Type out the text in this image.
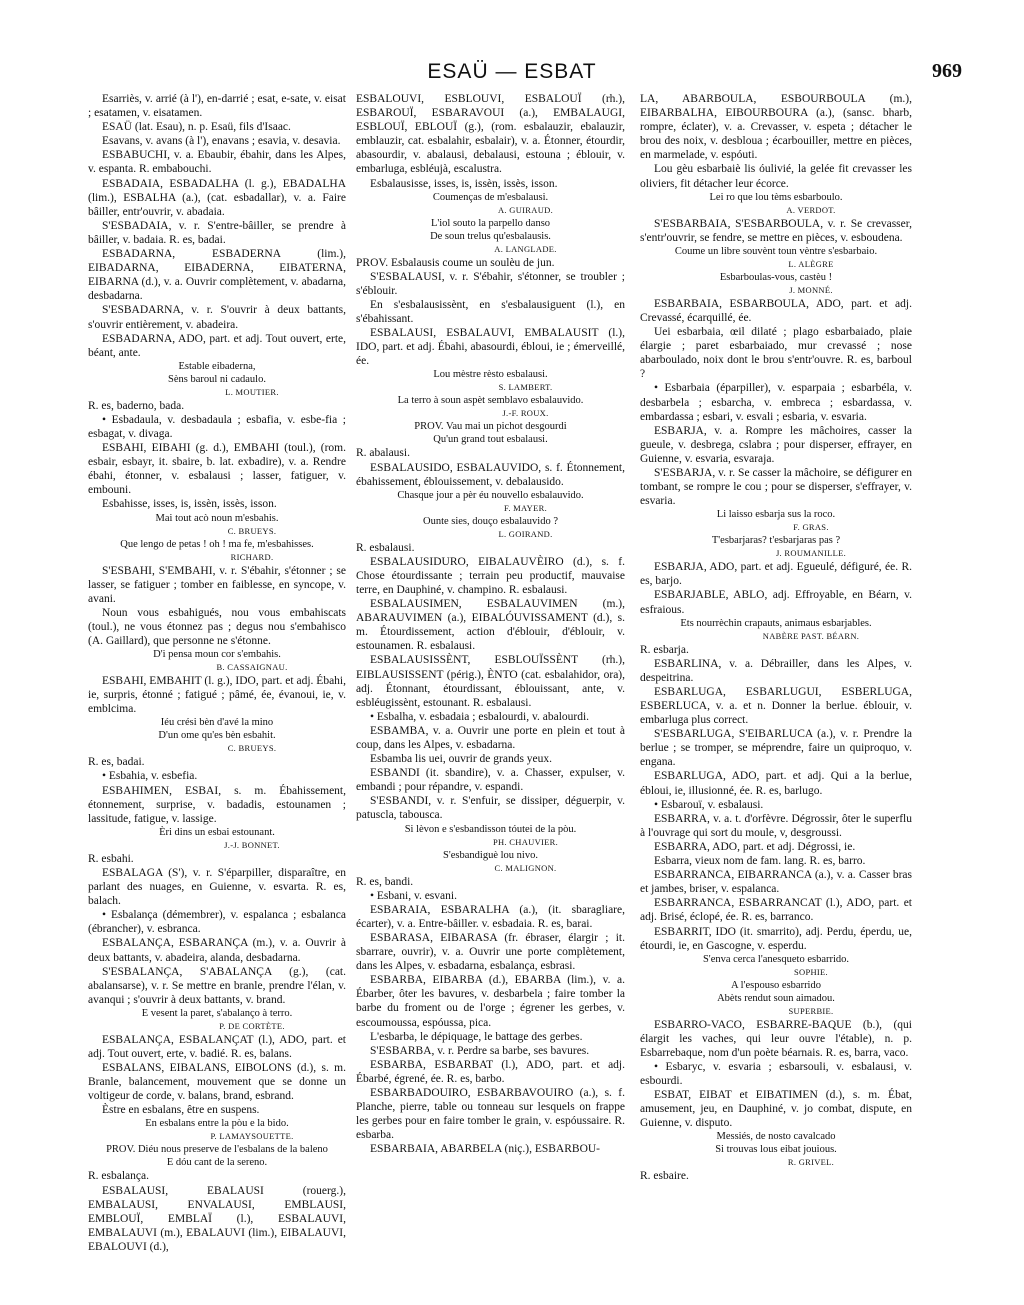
ESAÜ — ESBAT	969

Esarriès, v. arrié (à l'), en-darrié ; esat, e-sate, v. eisat ; esatamen, v. eisatamen.

ESAÜ (lat. Esau), n. p. Esaü, fils d'Isaac.

Esavans, v. avans (à l'), enavans ; esavia, v. desavia.

ESBABUCHI, v. a. Ebaubir, ébahir, dans les Alpes, v. espanta. R. embabouchi.

ESBADAIA, ESBADALHA (l. g.), EBADALHA (lim.), ESBALHA (a.), (cat. esbadallar), v. a. Faire bâiller, entr'ouvrir, v. abadaia.

S'ESBADAIA, v. r. S'entre-bâiller, se prendre à bâiller, v. badaia. R. es, badai.

ESBADARNA, ESBADERNA (lim.), EIBADARNA, EIBADERNA, EIBATERNA, EIBARNA (d.), v. a. Ouvrir complètement, v. abadarna, desbadarna.

S'ESBADARNA, v. r. S'ouvrir à deux battants, s'ouvrir entièrement, v. abadeira.

ESBADARNA, ADO, part. et adj. Tout ouvert, erte, béant, ante.

Estable eibaderna,
Sèns baroul ni cadaulo.
L. MOUTIER.

R. es, baderno, bada.

• Esbadaula, v. desbadaula ; esbafia, v. esbe-fia ; esbagat, v. divaga.

ESBAHI, EIBAHI (g. d.), EMBAHI (toul.), (rom. esbair, esbayr, it. sbaire, b. lat. exbadire), v. a. Rendre ébahi, étonner, v. esbalausi ; lasser, fatiguer, v. embouni.

Esbahisse, isses, is, issèn, issès, isson.

Mai tout acò noun m'esbahis.
C. BRUEYS.
Que lengo de petas ! oh ! ma fe, m'esbahisses.
RICHARD.

S'ESBAHI, S'EMBAHI, v. r. S'ébahir, s'étonner ; se lasser, se fatiguer ; tomber en faiblesse, en syncope, v. avani.

Noun vous esbahigués, nou vous embahiscats (toul.), ne vous étonnez pas ; degus nou s'embahisco (A. Gaillard), que personne ne s'étonne.

D'i pensa moun cor s'embahis.
B. CASSAIGNAU.

ESBAHI, EMBAHIT (l. g.), IDO, part. et adj. Ébahi, ie, surpris, étonné ; fatigué ; pâmé, ée, évanoui, ie, v. emblcima.

Iéu crési bèn d'avé la mino
D'un ome qu'es bèn esbahit.
C. BRUEYS.

R. es, badai.

• Esbahia, v. esbefia.

ESBAHIMEN, ESBAI, s. m. Ébahissement, étonnement, surprise, v. badadis, estounamen ; lassitude, fatigue, v. lassige.

Èri dins un esbai estounant.
J.-J. BONNET.

R. esbahi.

ESBALAGA (S'), v. r. S'éparpiller, disparaître, en parlant des nuages, en Guienne, v. esvarta. R. es, balach.

• Esbalança (démembrer), v. espalanca ; esbalanca (ébrancher), v. esbranca.

ESBALANÇA, ESBARANÇA (m.), v. a. Ouvrir à deux battants, v. abadeira, alanda, desbadarna.

S'ESBALANÇA, S'ABALANÇA (g.), (cat. abalansarse), v. r. Se mettre en branle, prendre l'élan, v. avanqui ; s'ouvrir à deux battants, v. brand.

E vesent la paret, s'abalanço à terro.
P. DE CORTÈTE.

ESBALANÇA, ESBALANÇAT (l.), ADO, part. et adj. Tout ouvert, erte, v. badié. R. es, balans.

ESBALANS, EIBALANS, EIBOLONS (d.), s. m. Branle, balancement, mouvement que se donne un voltigeur de corde, v. balans, brand, esbrand.

Èstre en esbalans, être en suspens.

En esbalans entre la pòu e la bido.
P. LAMAYSOUETTE.
PROV. Diéu nous preserve de l'esbalans de la baleno
E dóu cant de la sereno.

R. esbalança.

ESBALAUSI, EBALAUSI (rouerg.), EMBALAUSI, ENVALAUSI, EMBLAUSI, EMBLOUÏ, EMBLAÏ (l.), ESBALAUVI, EMBALAUVI (m.), EBALAUVI (lim.), EIBALAUVI, EBALOUVI (d.),

ESBALOUVI, ESBLOUVI, ESBALOUÏ (rh.), ESBAROUÏ, ESBARAVOUI (a.), EMBALAUGI, ESBLOUÏ, EBLOUÏ (g.), (rom. esbalauzir, ebalauzir, emblauzir, cat. esbalahir, esbalair), v. a. Étonner, étourdir, abasourdir, v. abalausi, debalausi, estouna ; éblouir, v. embarluga, esbléujà, escalustra.

Esbalausisse, isses, is, issèn, issès, isson.

Coumenças de m'esbalausi.
A. GUIRAUD.
L'iol souto la parpello danso
De soun trelus qu'esbalausis.
A. LANGLADE.

PROV. Esbalausis coume un soulèu de jun.

S'ESBALAUSI, v. r. S'ébahir, s'étonner, se troubler ; s'éblouir.

En s'esbalausissènt, en s'esbalausiguent (l.), en s'ébahissant.

ESBALAUSI, ESBALAUVI, EMBALAUSIT (l.), IDO, part. et adj. Ébahi, abasourdi, ébloui, ie ; émerveillé, ée.

Lou mèstre rèsto esbalausi.
S. LAMBERT.
La terro à soun aspèt semblavo esbalauvido.
J.-F. ROUX.
PROV. Vau mai un pichot desgourdi
Qu'un grand tout esbalausi.

R. abalausi.

ESBALAUSIDO, ESBALAUVIDO, s. f. Étonnement, ébahissement, éblouissement, v. debalausido.

Chasque jour a pèr éu nouvello esbalauvido.
F. MAYER.
Ounte sies, douço esbalauvido ?
L. GOIRAND.

R. esbalausi.

ESBALAUSIDURO, EIBALAUVÈIRO (d.), s. f. Chose étourdissante ; terrain peu productif, mauvaise terre, en Dauphiné, v. champino. R. esbalausi.

ESBALAUSIMEN, ESBALAUVIMEN (m.), ABARAUVIMEN (a.), EIBALÓUVISSAMENT (d.), s. m. Étourdissement, action d'éblouir, d'éblouir, v. estounamen. R. esbalausi.

ESBALAUSISSÈNT, ESBLOUÏSSÈNT (rh.), EIBLAUSISSENT (périg.), ÈNTO (cat. esbalahidor, ora), adj. Étonnant, étourdissant, éblouissant, ante, v. esbléugissènt, estounant. R. esbalausi.

• Esbalha, v. esbadaia ; esbalourdi, v. abalourdi.

ESBAMBA, v. a. Ouvrir une porte en plein et tout à coup, dans les Alpes, v. esbadarna.

Esbamba lis uei, ouvrir de grands yeux.

ESBANDI (it. sbandire), v. a. Chasser, expulser, v. embandi ; pour répandre, v. espandi.

S'ESBANDI, v. r. S'enfuir, se dissiper, déguerpir, v. patuscla, tabousca.

Si lèvon e s'esbandisson tóutei de la pòu.
PH. CHAUVIER.
S'esbandiguè lou nivo.
C. MALIGNON.

R. es, bandi.

• Esbani, v. esvani.

ESBARAIA, ESBARALHA (a.), (it. sbaragliare, écarter), v. a. Entre-bâiller. v. esbadaia. R. es, barai.

ESBARASA, EIBARASA (fr. ébraser, élargir ; it. sbarrare, ouvrir), v. a. Ouvrir une porte complètement, dans les Alpes, v. esbadarna, esbalança, esbrasi.

ESBARBA, EIBARBA (d.), EBARBA (lim.), v. a. Ébarber, ôter les bavures, v. desbarbela ; faire tomber la barbe du froment ou de l'orge ; égrener les gerbes, v. escoumoussa, espóussa, pica.

L'esbarba, le dépiquage, le battage des gerbes.

S'ESBARBA, v. r. Perdre sa barbe, ses bavures.

ESBARBA, ESBARBAT (l.), ADO, part. et adj. Ébarbé, égrené, ée. R. es, barbo.

ESBARBADOUIRO, ESBARBAVOUIRO (a.), s. f. Planche, pierre, table ou tonneau sur lesquels on frappe les gerbes pour en faire tomber le grain, v. espóussaire. R. esbarba.

ESBARBAIA, ABARBELA (niç.), ESBARBOU-

LA, ABARBOULA, ESBOURBOULA (m.), EIBARBALHA, EIBOURBOURA (a.), (sansc. bharb, rompre, éclater), v. a. Crevasser, v. espeta ; détacher le brou des noix, v. desbloua ; écarbouiller, mettre en pièces, en marmelade, v. espóuti.

Lou gèu esbarbaiè lis óulivié, la gelée fit crevasser les oliviers, fit détacher leur écorce.

Lei ro que lou tèms esbarboulo.
A. VERDOT.

S'ESBARBAIA, S'ESBARBOULA, v. r. Se crevasser, s'entr'ouvrir, se fendre, se mettre en pièces, v. esboudena.

Coume un libre souvènt toun vèntre s'esbarbaio.
L. ALÈGRE
Esbarboulas-vous, castèu !
J. MONNÉ.

ESBARBAIA, ESBARBOULA, ADO, part. et adj. Crevassé, écarquillé, ée.

Uei esbarbaia, œil dilaté ; plago esbarbaiado, plaie élargie ; paret esbarbaiado, mur crevassé ; nose abarboulado, noix dont le brou s'entr'ouvre. R. es, barboul ?

• Esbarbaia (éparpiller), v. esparpaia ; esbarbéla, v. desbarbela ; esbarcha, v. embreca ; esbardassa, v. embardassa ; esbari, v. esvali ; esbaria, v. esvaria.

ESBARJA, v. a. Rompre les mâchoires, casser la gueule, v. desbrega, cslabra ; pour disperser, effrayer, en Guienne, v. esvaria, esvaraja.

S'ESBARJA, v. r. Se casser la mâchoire, se défigurer en tombant, se rompre le cou ; pour se disperser, s'effrayer, v. esvaria.

Li laisso esbarja sus la roco.
F. GRAS.
T'esbarjaras? t'esbarjaras pas ?
J. ROUMANILLE.

ESBARJA, ADO, part. et adj. Egueulé, défiguré, ée. R. es, barjo.

ESBARJABLE, ABLO, adj. Effroyable, en Béarn, v. esfraious.

Ets nourrèchin crapauts, animaus esbarjables.
NABÈRE PAST. BÉARN.

R. esbarja.

ESBARLINA, v. a. Débrailler, dans les Alpes, v. despeitrina.

ESBARLUGA, ESBARLUGUI, ESBERLUGA, ESBERLUCA, v. a. et n. Donner la berlue. éblouir, v. embarluga plus correct.

S'ESBARLUGA, S'EIBARLUCA (a.), v. r. Prendre la berlue ; se tromper, se méprendre, faire un quiproquo, v. engana.

ESBARLUGA, ADO, part. et adj. Qui a la berlue, ébloui, ie, illusionné, ée. R. es, barlugo.

• Esbarouï, v. esbalausi.

ESBARRA, v. a. t. d'orfèvre. Dégrossir, ôter le superflu à l'ouvrage qui sort du moule, v, desgroussi.

ESBARRA, ADO, part. et adj. Dégrossi, ie.

Esbarra, vieux nom de fam. lang. R. es, barro.

ESBARRANCA, EIBARRANCA (a.), v. a. Casser bras et jambes, briser, v. espalanca.

ESBARRANCA, ESBARRANCAT (l.), ADO, part. et adj. Brisé, éclopé, ée. R. es, barranco.

ESBARRIT, IDO (it. smarrito), adj. Perdu, éperdu, ue, étourdi, ie, en Gascogne, v. esperdu.

S'enva cerca l'anesqueto esbarrido.
SOPHIE.
A l'espouso esbarrido
Abèts rendut soun aimadou.
SUPERBIE.

ESBARRO-VACO, ESBARRE-BAQUE (b.), (qui élargit les vaches, qui leur ouvre l'étable), n. p. Esbarrebaque, nom d'un poète béarnais. R. es, barra, vaco.

• Esbaryc, v. esvaria ; esbarsouli, v. esbalausi, v. esbourdi.

ESBAT, EIBAT et EIBATIMEN (d.), s. m. Ébat, amusement, jeu, en Dauphiné, v. jo combat, dispute, en Guienne, v. disputo.

Messiés, de nosto cavalcado
Si trouvas lous eibat jouious.
R. GRIVEL.

R. esbaire.
